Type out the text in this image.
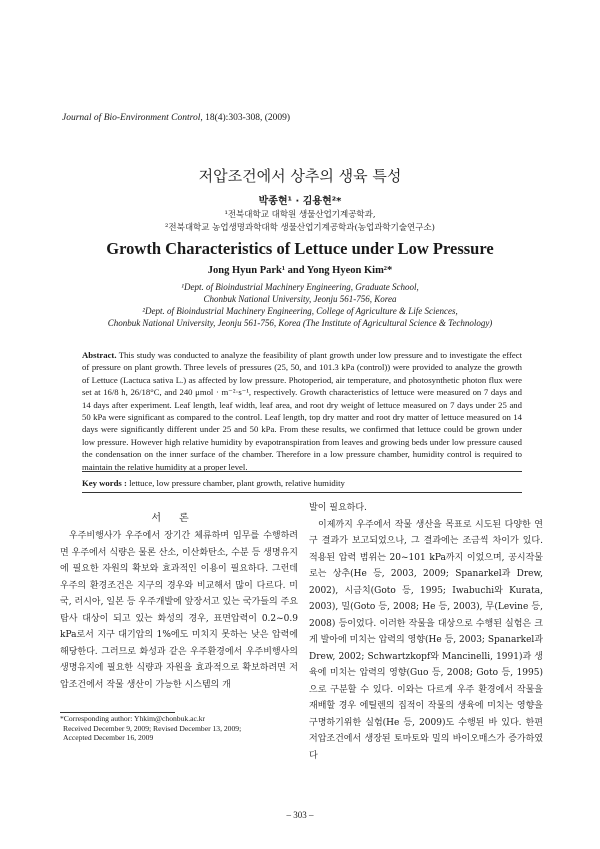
Journal of Bio-Environment Control, 18(4):303-308, (2009)
저압조건에서 상추의 생육 특성
박종현¹ · 김용현²*
¹전북대학교 대학원 생물산업기계공학과,
²전북대학교 농업생명과학대학 생물산업기계공학과(농업과학기술연구소)
Growth Characteristics of Lettuce under Low Pressure
Jong Hyun Park¹ and Yong Hyeon Kim²*
¹Dept. of Bioindustrial Machinery Engineering, Graduate School,
Chonbuk National University, Jeonju 561-756, Korea
²Dept. of Bioindustrial Machinery Engineering, College of Agriculture & Life Sciences,
Chonbuk National University, Jeonju 561-756, Korea (The Institute of Agricultural Science & Technology)
Abstract. This study was conducted to analyze the feasibility of plant growth under low pressure and to investigate the effect of pressure on plant growth. Three levels of pressures (25, 50, and 101.3 kPa (control)) were provided to analyze the growth of Lettuce (Lactuca sativa L.) as affected by low pressure. Photoperiod, air temperature, and photosynthetic photon flux were set at 16/8 h, 26/18°C, and 240 μmol · m⁻²·s⁻¹, respectively. Growth characteristics of lettuce were measured on 7 days and 14 days after experiment. Leaf length, leaf width, leaf area, and root dry weight of lettuce measured on 7 days under 25 and 50 kPa were significant as compared to the control. Leaf length, top dry matter and root dry matter of lettuce measured on 14 days were significantly different under 25 and 50 kPa. From these results, we confirmed that lettuce could be grown under low pressure. However high relative humidity by evapotranspiration from leaves and growing beds under low pressure caused the condensation on the inner surface of the chamber. Therefore in a low pressure chamber, humidity control is required to maintain the relative humidity at a proper level.
Key words : lettuce, low pressure chamber, plant growth, relative humidity
서론

우주비행사가 우주에서 장기간 체류하며 임무를 수행하려면 우주에서 식량은 물론 산소, 이산화탄소, 수분 등 생명유지에 필요한 자원의 확보와 효과적인 이용이 필요하다. 그런데 우주의 환경조건은 지구의 경우와 비교해서 많이 다르다. 미국, 러시아, 일본 등 우주개발에 앞장서고 있는 국가들의 주요 탐사 대상이 되고 있는 화성의 경우, 표면압력이 0.2~0.9 kPa로서 지구 대기압의 1%에도 미치지 못하는 낮은 압력에 해당한다. 그러므로 화성과 같은 우주환경에서 우주비행사의 생명유지에 필요한 식량과 자원을 효과적으로 확보하려면 저압조건에서 작물 생산이 가능한 시스템의 개

발이 필요하다.

이제까지 우주에서 작물 생산을 목표로 시도된 다양한 연구 결과가 보고되었으나, 그 결과에는 조금씩 차이가 있다. 적용된 압력 범위는 20~101 kPa까지 이었으며, 공시작물로는 상추(He 등, 2003, 2009; Spanarkel과 Drew, 2002), 시금치(Goto 등, 1995; Iwabuchi와 Kurata, 2003), 밀(Goto 등, 2008; He 등, 2003), 무(Levine 등, 2008) 등이었다. 이러한 작물을 대상으로 수행된 실험은 크게 발아에 미치는 압력의 영향(He 등, 2003; Spanarkel과 Drew, 2002; Schwartzkopf와 Mancinelli, 1991)과 생육에 미치는 압력의 영향(Guo 등, 2008; Goto 등, 1995)으로 구분할 수 있다. 이와는 다르게 우주 환경에서 작물을 재배할 경우 에틸렌의 집적이 작물의 생육에 미치는 영향을 구명하기위한 실험(He 등, 2009)도 수행된 바 있다. 한편 저압조건에서 생장된 토마토와 밀의 바이오매스가 증가하였다

*Corresponding author: Yhkim@chonbuk.ac.kr
Received December 9, 2009; Revised December 13, 2009;
Accepted December 16, 2009
– 303 –
